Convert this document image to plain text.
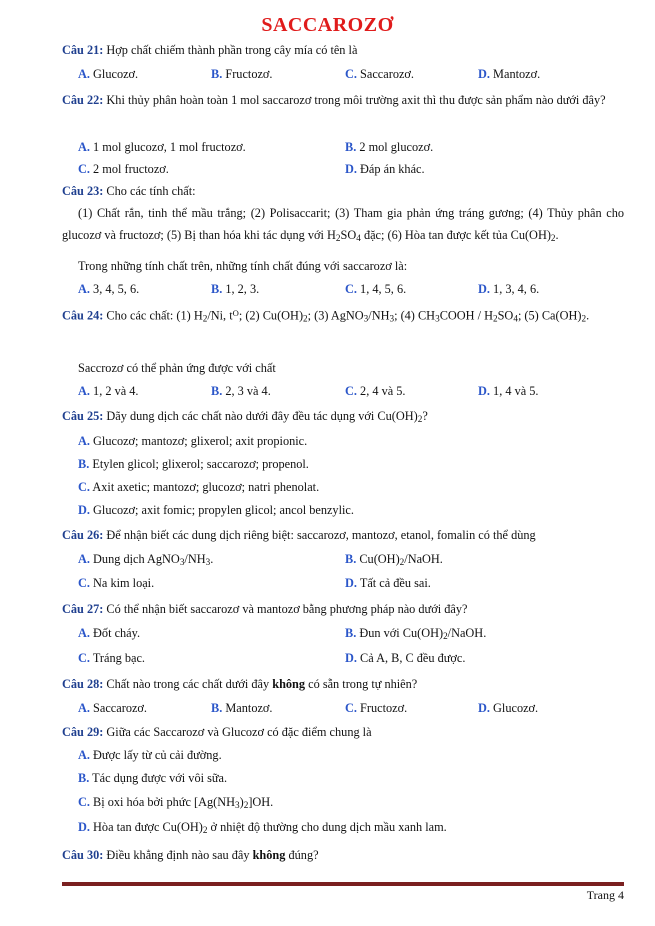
SACCAROZƠ
Câu 21: Hợp chất chiếm thành phần trong cây mía có tên là
A. Glucozơ.	B. Fructozơ.	C. Saccarozơ.	D. Mantozơ.
Câu 22: Khi thủy phân hoàn toàn 1 mol saccarozơ trong môi trường axit thì thu được sản phẩm nào dưới đây?
A. 1 mol glucozơ, 1 mol fructozơ.	B. 2 mol glucozơ.
C. 2 mol fructozơ.	D. Đáp án khác.
Câu 23: Cho các tính chất:
(1) Chất rắn, tinh thể mầu trắng; (2) Polisaccarit; (3) Tham gia phản ứng tráng gương; (4) Thủy phân cho glucozơ và fructozơ; (5) Bị than hóa khi tác dụng với $H_2SO_4$ đặc; (6) Hòa tan được kết tủa $Cu(OH)_2$.
Trong những tính chất trên, những tính chất đúng với saccarozơ là:
A. 3, 4, 5, 6.	B. 1, 2, 3.	C. 1, 4, 5, 6.	D. 1, 3, 4, 6.
Câu 24: Cho các chất: (1) $H_2/Ni$, $t^O$; (2) $Cu(OH)_2$; (3) $AgNO_3/NH_3$; (4) $CH_3COOH / H_2SO_4$; (5) $Ca(OH)_2$.
Saccrozơ có thể phản ứng được với chất
A. 1, 2 và 4.	B. 2, 3 và 4.	C. 2, 4 và 5.	D. 1, 4 và 5.
Câu 25: Dãy dung dịch các chất nào dưới đây đều tác dụng với $Cu(OH)_2$?
A. Glucozơ; mantozơ; glixerol; axit propionic.
B. Etylen glicol; glixerol; saccarozơ; propenol.
C. Axit axetic; mantozơ; glucozơ; natri phenolat.
D. Glucozơ; axit fomic; propylen glicol; ancol benzylic.
Câu 26: Để nhận biết các dung dịch riêng biệt: saccarozơ, mantozơ, etanol, fomalin có thể dùng
A. Dung dịch $AgNO_3/NH_3$.	B. $Cu(OH)_2$/NaOH.
C. Na kim loại.	D. Tất cả đều sai.
Câu 27: Có thể nhận biết saccarozơ và mantozơ bằng phương pháp nào dưới đây?
A. Đốt cháy.	B. Đun với $Cu(OH)_2$/NaOH.
C. Tráng bạc.	D. Cả A, B, C đều được.
Câu 28: Chất nào trong các chất dưới đây không có sẵn trong tự nhiên?
A. Saccarozơ.	B. Mantozơ.	C. Fructozơ.	D. Glucozơ.
Câu 29: Giữa các Saccarozơ và Glucozơ có đặc điểm chung là
A. Được lấy từ củ cải đường.
B. Tác dụng được với vôi sữa.
C. Bị oxi hóa bởi phức $[Ag(NH_3)_2]OH$.
D. Hòa tan được $Cu(OH)_2$ ở nhiệt độ thường cho dung dịch mầu xanh lam.
Câu 30: Điều khẳng định nào sau đây không đúng?
Trang 4
